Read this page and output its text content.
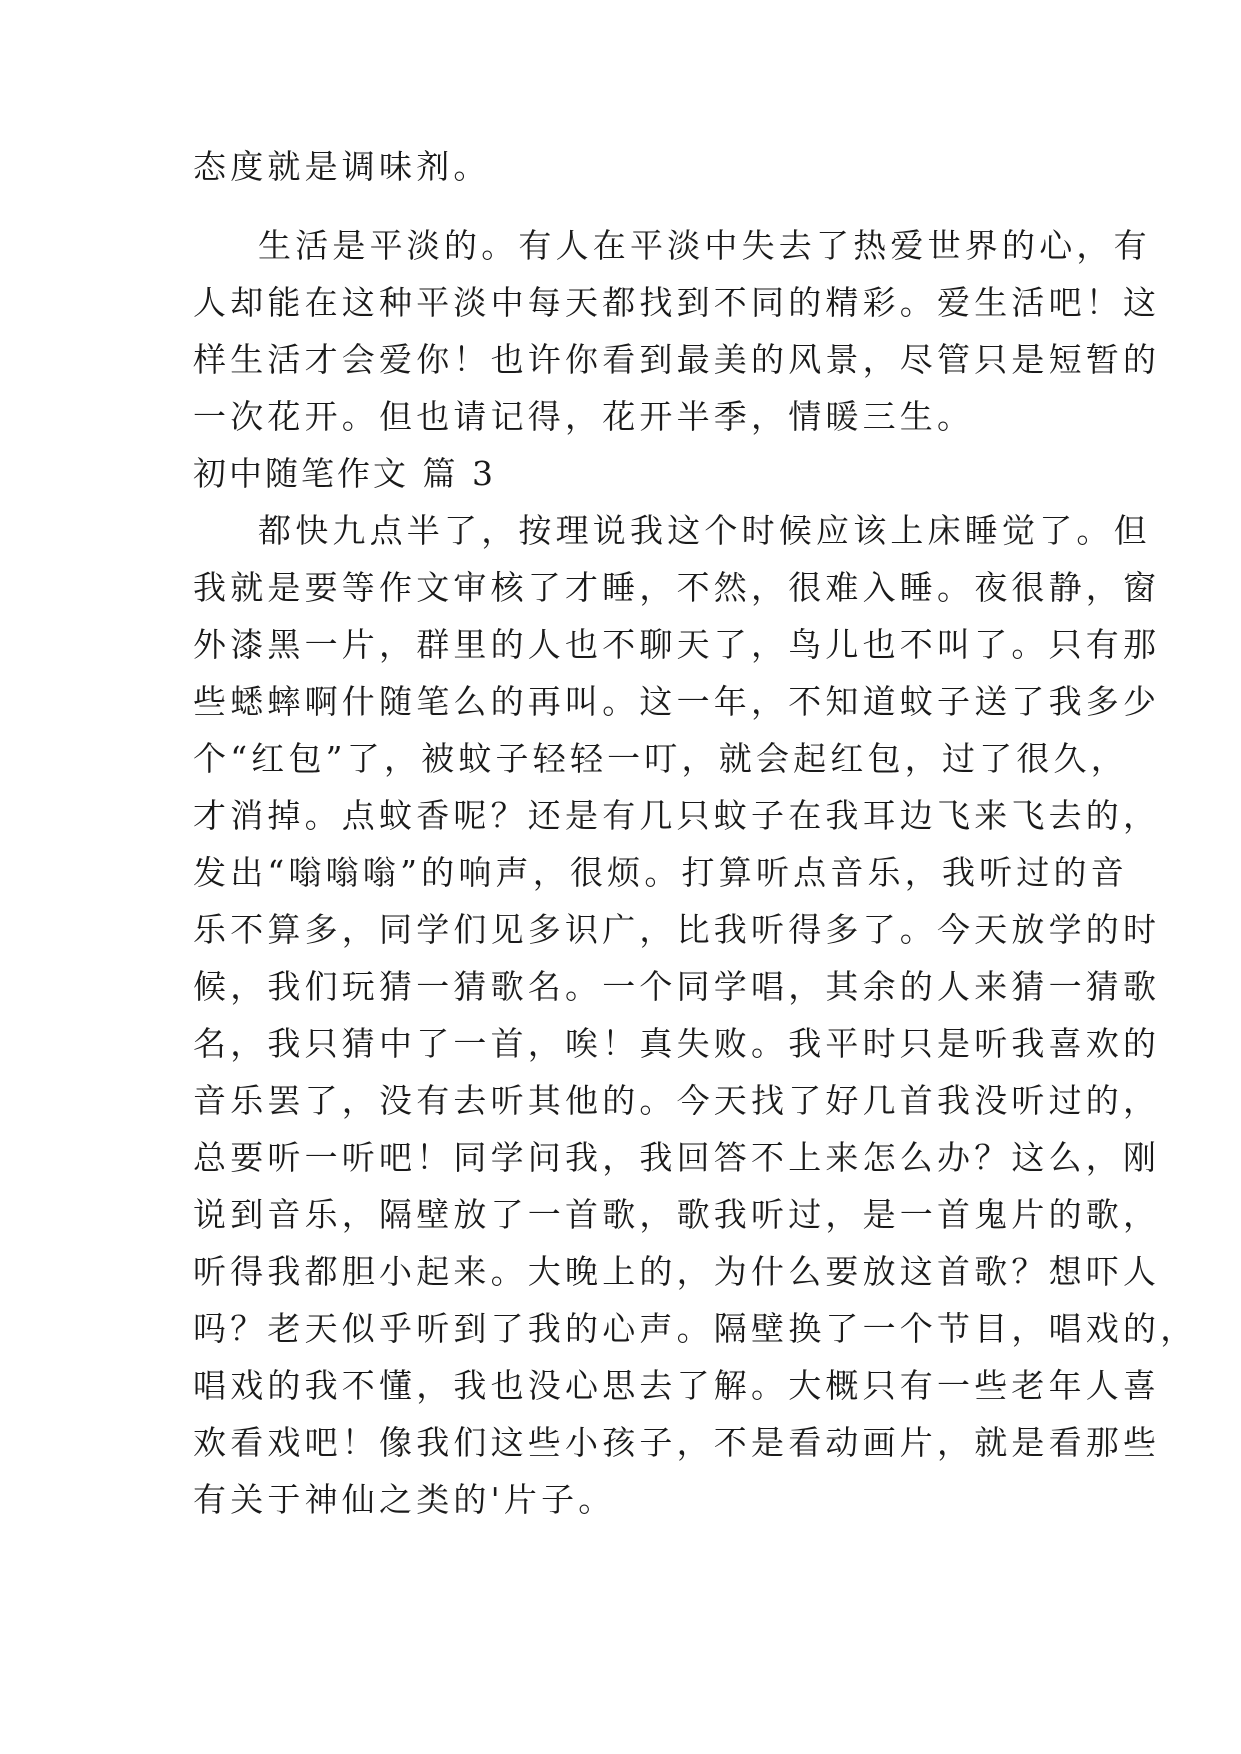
态度就是调味剂。
生活是平淡的。有人在平淡中失去了热爱世界的心，有
人却能在这种平淡中每天都找到不同的精彩。爱生活吧！这
样生活才会爱你！也许你看到最美的风景，尽管只是短暂的
一次花开。但也请记得，花开半季，情暖三生。
初中随笔作文 篇 3
都快九点半了，按理说我这个时候应该上床睡觉了。但
我就是要等作文审核了才睡，不然，很难入睡。夜很静，窗
外漆黑一片，群里的人也不聊天了，鸟儿也不叫了。只有那
些蟋蟀啊什随笔么的再叫。这一年，不知道蚊子送了我多少
个“红包”了，被蚊子轻轻一叮，就会起红包，过了很久，
才消掉。点蚊香呢？还是有几只蚊子在我耳边飞来飞去的，
发出“嗡嗡嗡”的响声，很烦。打算听点音乐，我听过的音
乐不算多，同学们见多识广，比我听得多了。今天放学的时
候，我们玩猜一猜歌名。一个同学唱，其余的人来猜一猜歌
名，我只猜中了一首，唉！真失败。我平时只是听我喜欢的
音乐罢了，没有去听其他的。今天找了好几首我没听过的，
总要听一听吧！同学问我，我回答不上来怎么办？这么，刚
说到音乐，隔壁放了一首歌，歌我听过，是一首鬼片的歌，
听得我都胆小起来。大晚上的，为什么要放这首歌？想吓人
吗？老天似乎听到了我的心声。隔壁换了一个节目，唱戏的，
唱戏的我不懂，我也没心思去了解。大概只有一些老年人喜
欢看戏吧！像我们这些小孩子，不是看动画片，就是看那些
有关于神仙之类的'片子。
